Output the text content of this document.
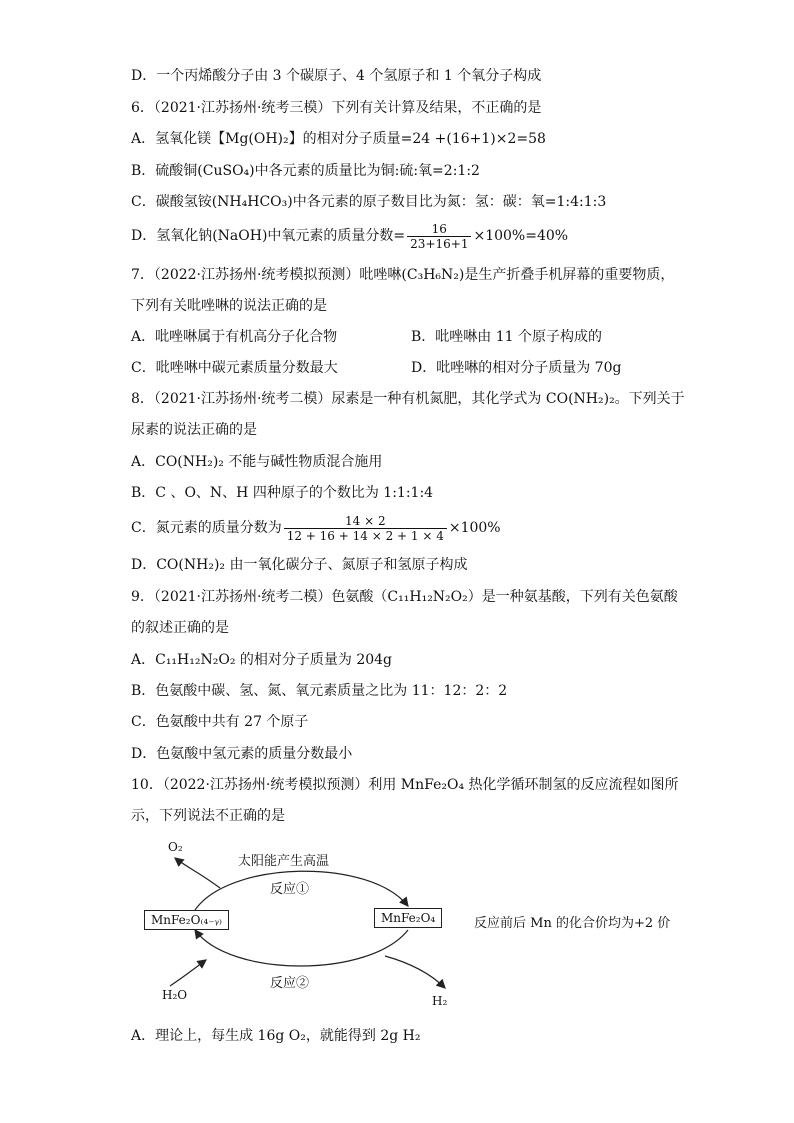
D．一个丙烯酸分子由 3 个碳原子、4 个氢原子和 1 个氧分子构成
6．（2021·江苏扬州·统考三模）下列有关计算及结果，不正确的是
A．氢氧化镁【Mg(OH)₂】的相对分子质量=24 +(16+1)×2=58
B．硫酸铜(CuSO₄)中各元素的质量比为铜:硫:氧=2:1:2
C．碳酸氢铵(NH₄HCO₃)中各元素的原子数目比为氮：氢：碳：氧=1:4:1:3
D．氢氧化钠(NaOH)中氧元素的质量分数= $\frac{16}{23+16+1} \times 100\%=40\%$
7．（2022·江苏扬州·统考模拟预测）吡唑啉(C₃H₆N₂)是生产折叠手机屏幕的重要物质，
下列有关吡唑啉的说法正确的是
A．吡唑啉属于有机高分子化合物	B．吡唑啉由 11 个原子构成的
C．吡唑啉中碳元素质量分数最大	D．吡唑啉的相对分子质量为 70g
8．（2021·江苏扬州·统考二模）尿素是一种有机氮肥，其化学式为 CO(NH₂)₂。下列关于
尿素的说法正确的是
A．CO(NH₂)₂ 不能与碱性物质混合施用
B．C 、O、N、H 四种原子的个数比为 1:1:1:4
C．氮元素的质量分数为 $\frac{14 \times 2}{12 + 16 + 14 \times 2 + 1 \times 4} \times 100\%$
D．CO(NH₂)₂ 由一氧化碳分子、氮原子和氢原子构成
9．（2021·江苏扬州·统考二模）色氨酸（C₁₁H₁₂N₂O₂）是一种氨基酸，下列有关色氨酸
的叙述正确的是
A．C₁₁H₁₂N₂O₂ 的相对分子质量为 204g
B．色氨酸中碳、氢、氮、氧元素质量之比为 11：12：2：2
C．色氨酸中共有 27 个原子
D．色氨酸中氢元素的质量分数最小
10．（2022·江苏扬州·统考模拟预测）利用 MnFe₂O₄ 热化学循环制氢的反应流程如图所
示，下列说法不正确的是
O₂
太阳能产生高温
反应①
MnFe₂O₍₄₋ᵧ₎	MnFe₂O₄	反应前后 Mn 的化合价均为+2 价
反应②
H₂O	H₂
A．理论上，每生成 16g O₂，就能得到 2g H₂
